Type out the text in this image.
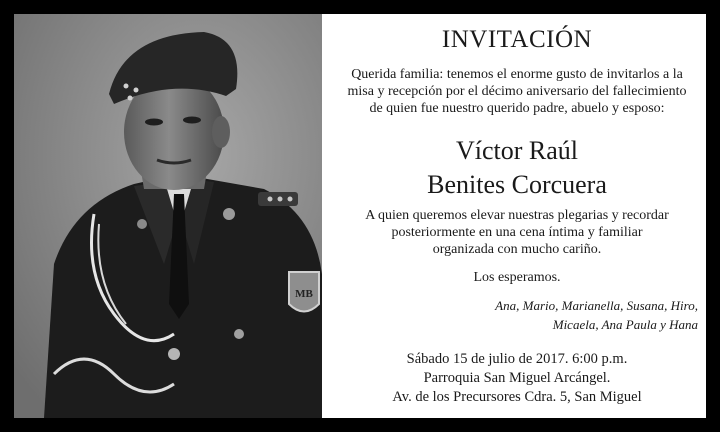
MB
INVITACIÓN
Querida familia: tenemos el enorme gusto de invitarlos a la
misa y recepción por el décimo aniversario del fallecimiento
de quien fue nuestro querido padre, abuelo y esposo:
Víctor Raúl
Benites Corcuera
A quien queremos elevar nuestras plegarias y recordar
posteriormente en una cena íntima y familiar
organizada con mucho cariño.
Los esperamos.
Ana, Mario, Marianella, Susana, Hiro,
Micaela, Ana Paula y Hana
Sábado 15 de julio de 2017. 6:00 p.m.
Parroquia San Miguel Arcángel.
Av. de los Precursores Cdra. 5, San Miguel
